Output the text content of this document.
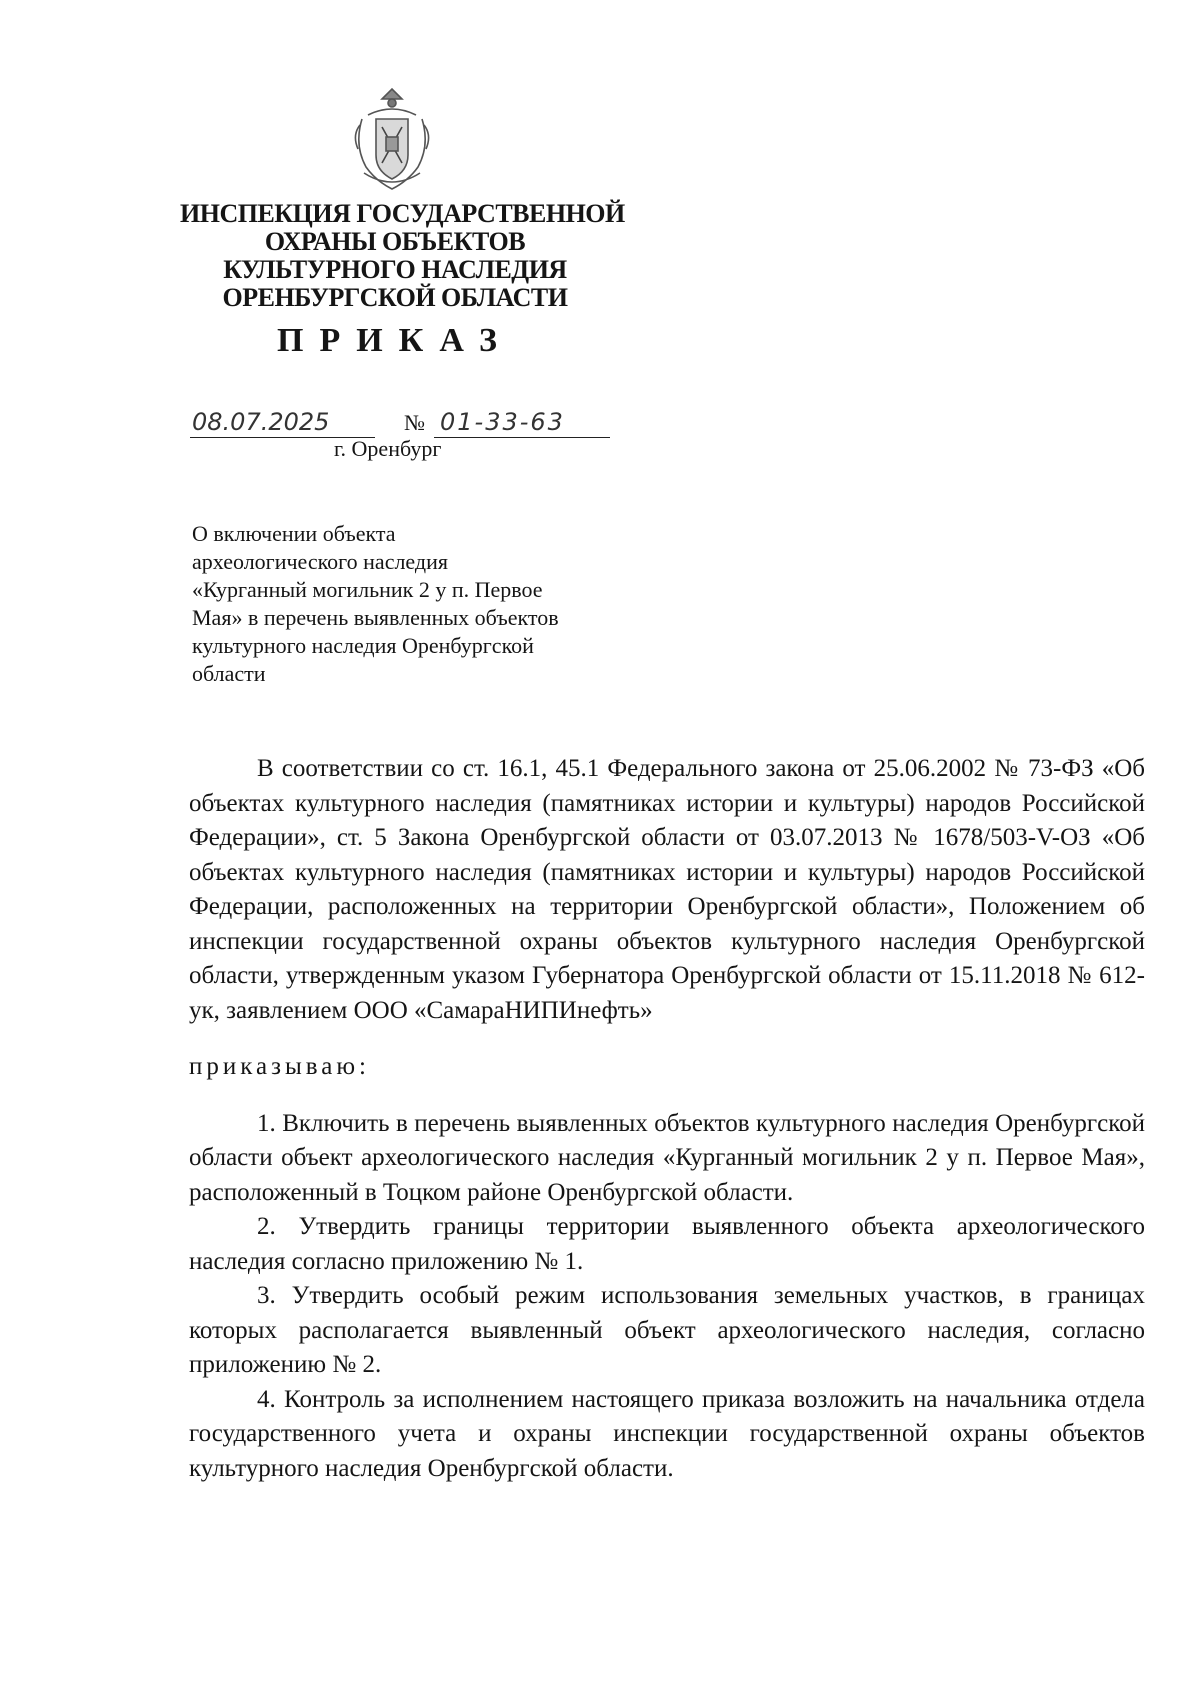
ИНСПЕКЦИЯ ГОСУДАРСТВЕННОЙ
ОХРАНЫ ОБЪЕКТОВ
КУЛЬТУРНОГО НАСЛЕДИЯ
ОРЕНБУРГСКОЙ ОБЛАСТИ
ПРИКАЗ
08.07.2025	№ 01-33-63
г. Оренбург
О включении объекта
археологического наследия
«Курганный могильник 2 у п. Первое
Мая» в перечень выявленных объектов
культурного наследия Оренбургской
области

В соответствии со ст. 16.1, 45.1 Федерального закона от 25.06.2002 № 73-ФЗ «Об объектах культурного наследия (памятниках истории и культуры) народов Российской Федерации», ст. 5 Закона Оренбургской области от 03.07.2013 № 1678/503-V-ОЗ «Об объектах культурного наследия (памятниках истории и культуры) народов Российской Федерации, расположенных на территории Оренбургской области», Положением об инспекции государственной охраны объектов культурного наследия Оренбургской области, утвержденным указом Губернатора Оренбургской области от 15.11.2018 № 612-ук, заявлением ООО «СамараНИПИнефть»

приказываю:

1. Включить в перечень выявленных объектов культурного наследия Оренбургской области объект археологического наследия «Курганный могильник 2 у п. Первое Мая», расположенный в Тоцком районе Оренбургской области.

2. Утвердить границы территории выявленного объекта археологического наследия согласно приложению № 1.

3. Утвердить особый режим использования земельных участков, в границах которых располагается выявленный объект археологического наследия, согласно приложению № 2.

4. Контроль за исполнением настоящего приказа возложить на начальника отдела государственного учета и охраны инспекции государственной охраны объектов культурного наследия Оренбургской области.
